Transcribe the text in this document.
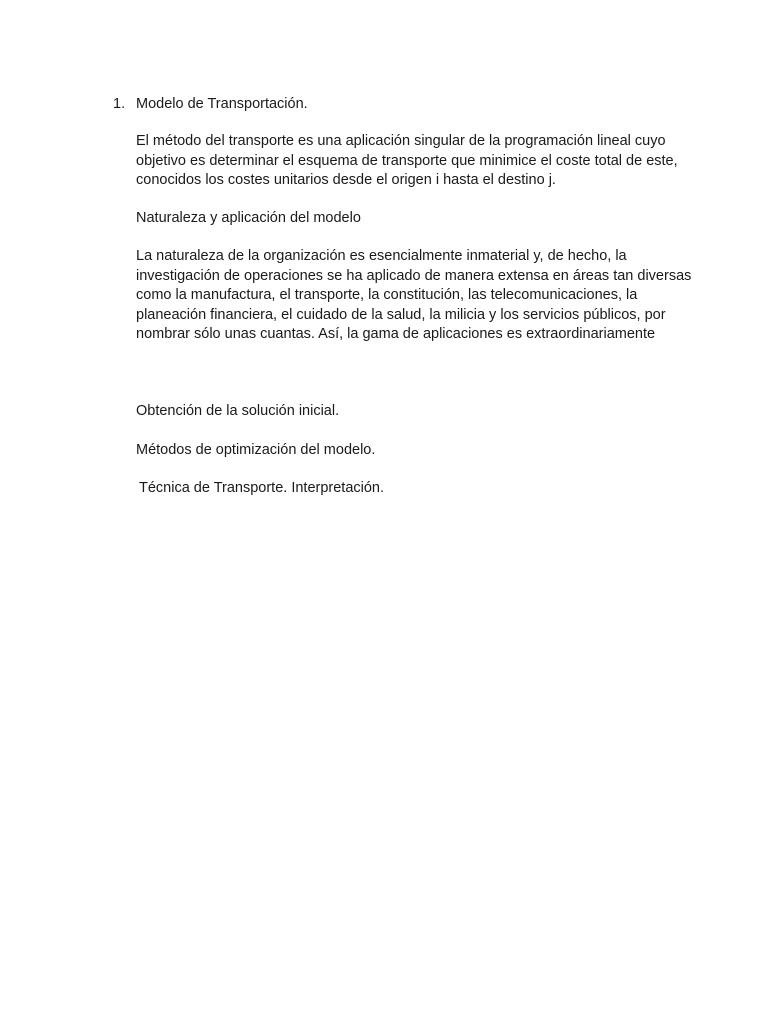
1. Modelo de Transportación.

El método del transporte es una aplicación singular de la programación lineal cuyo objetivo es determinar el esquema de transporte que minimice el coste total de este, conocidos los costes unitarios desde el origen i hasta el destino j.

Naturaleza y aplicación del modelo

La naturaleza de la organización es esencialmente inmaterial y, de hecho, la investigación de operaciones se ha aplicado de manera extensa en áreas tan diversas como la manufactura, el transporte, la constitución, las telecomunicaciones, la planeación financiera, el cuidado de la salud, la milicia y los servicios públicos, por nombrar sólo unas cuantas. Así, la gama de aplicaciones es extraordinariamente

Obtención de la solución inicial.

Métodos de optimización del modelo.

Técnica de Transporte. Interpretación.
